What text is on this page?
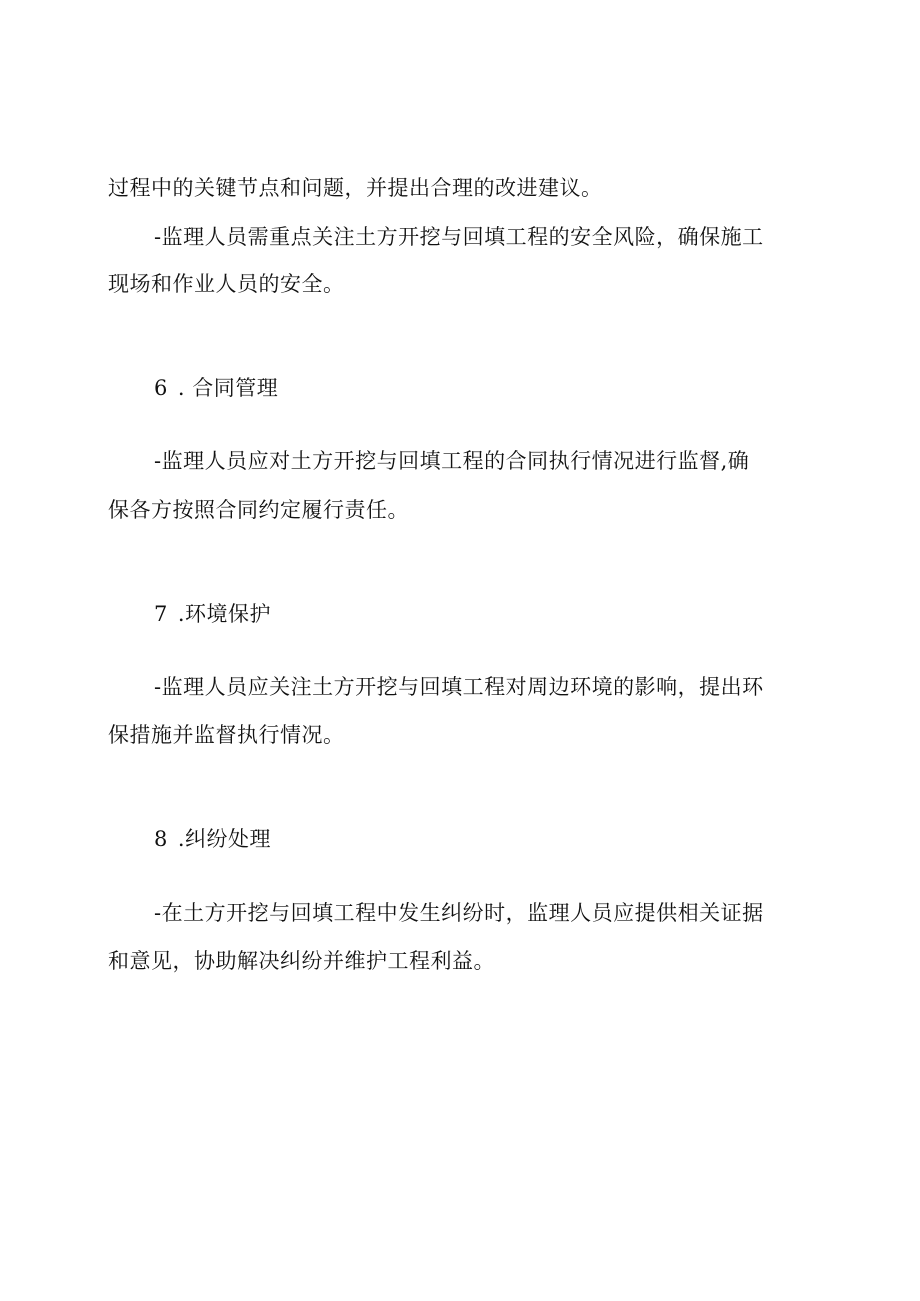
过程中的关键节点和问题，并提出合理的改进建议。
-监理人员需重点关注土方开挖与回填工程的安全风险，确保施工
现场和作业人员的安全。
6 . 合同管理
-监理人员应对土方开挖与回填工程的合同执行情况进行监督,确
保各方按照合同约定履行责任。
7 .环境保护
-监理人员应关注土方开挖与回填工程对周边环境的影响，提出环
保措施并监督执行情况。
8 .纠纷处理
-在土方开挖与回填工程中发生纠纷时，监理人员应提供相关证据
和意见，协助解决纠纷并维护工程利益。
